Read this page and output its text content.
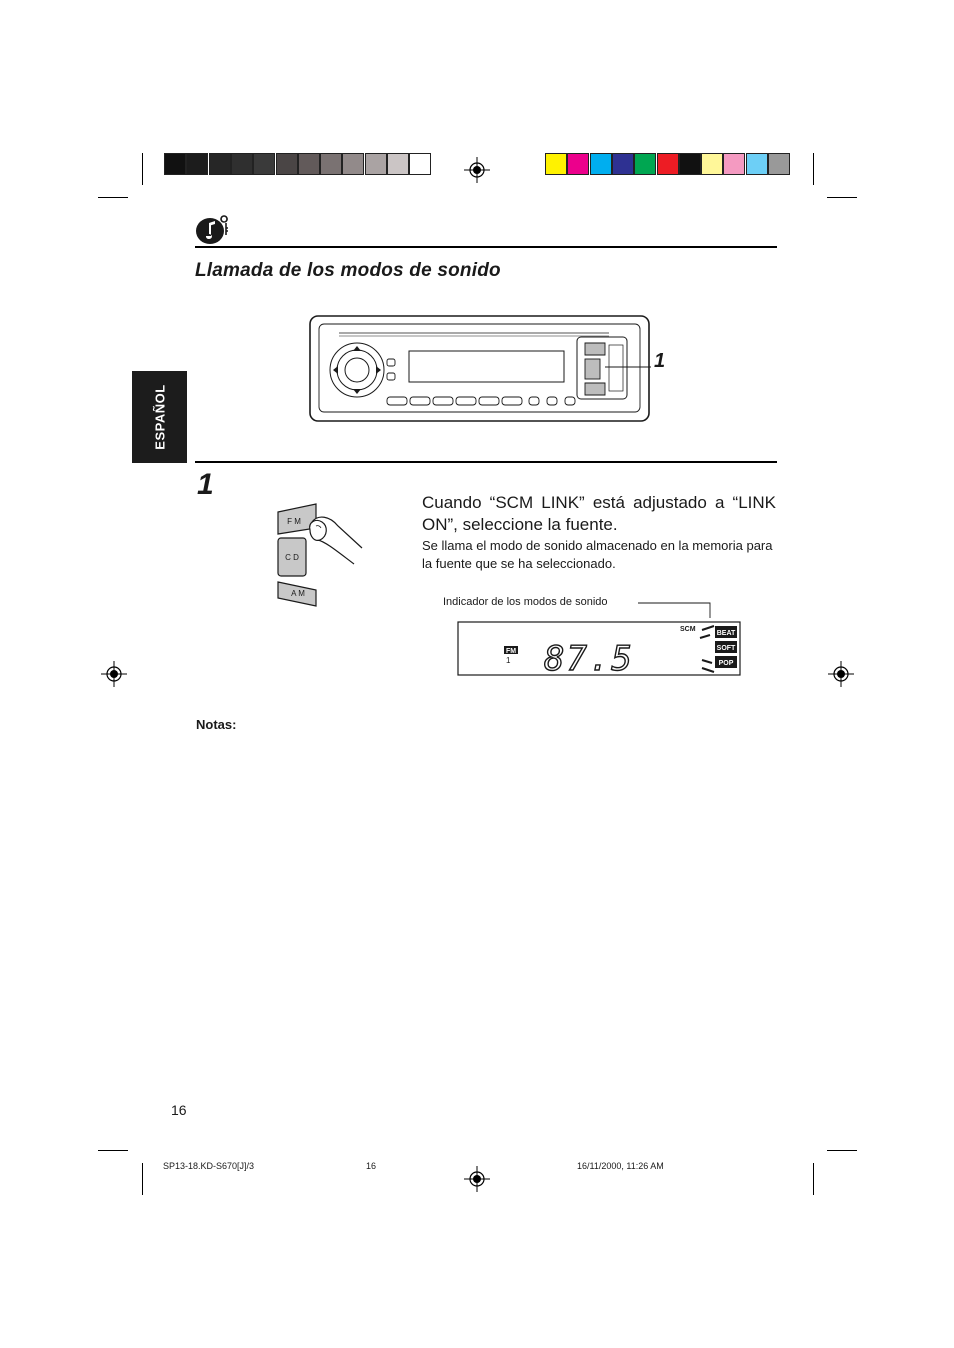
Llamada de los modos de sonido
ESPAÑOL
1
1
F M
C D
A M
Cuando “SCM LINK” está adjustado a “LINK ON”, seleccione la fuente.
Se llama el modo de sonido almacenado en la memoria para la fuente que se ha seleccionado.
Indicador de los modos de sonido
FM
1 87.5
SCM
BEAT
SOFT
POP
Notas:
16
SP13-18.KD-S670[J]/3	16	16/11/2000, 11:26 AM
